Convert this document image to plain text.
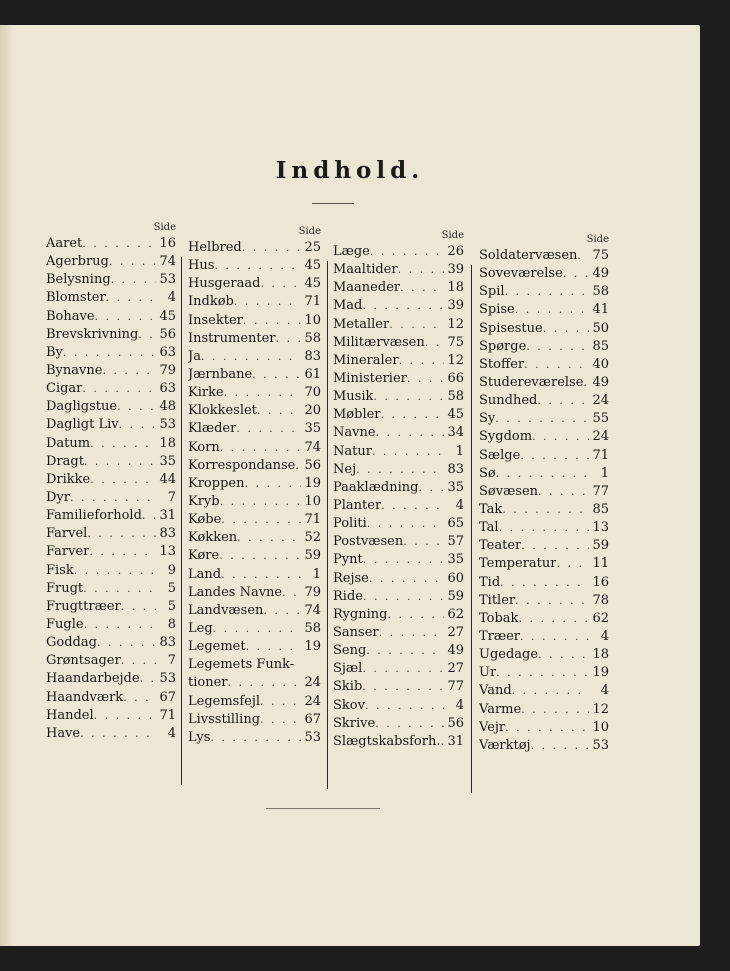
Indhold.
Side
Aaret . . .	16
Agerbrug . . .	74
Belysning . . .	53
Blomster . . .	4
Bohave . . .	45
Brevskrivning . . . 56
By . . .	63
Bynavne . . .	79
Cigar . . .	63
Dagligstue . . .	48
Dagligt Liv . . .	53
Datum . . .	18
Dragt . . .	35
Drikke . . .	44
Dyr . . .	7
Familieforhold . . . 31
Farvel . . .	83
Farver . . .	13
Fisk . . .	9
Frugt . . .	5
Frugttræer . . .	5
Fugle . . .	8
Goddag . . .	83
Grøntsager . . .	7
Haandarbejde . . . 53
Haandværk . . .	67
Handel . . .	71
Have . . .	4
Side
Helbred . . .	25
Hus . . .	45
Husgeraad . . .	45
Indkøb . . .	71
Insekter . . .	10
Instrumenter . . . 58
Ja . . .	83
Jærnbane . . .	61
Kirke . . .	70
Klokkeslet . . .	20
Klæder . . .	35
Korn . . .	74
Korrespondanse . . . 56
Kroppen . . .	19
Kryb . . .	10
Købe . . .	71
Køkken . . .	52
Køre . . .	59
Land . . .	1
Landes Navne . . . 79
Landvæsen . . .	74
Leg . . .	58
Legemet . . .	19
Legemets Funk-
tioner . . .	24
Legemsfejl . . .	24
Livsstilling . . .	67
Lys . . .	53
Side
Læge . . .	26
Maaltider . . .	39
Maaneder . . .	18
Mad . . .	39
Metaller . . .	12
Militærvæsen . . . 75
Mineraler . . .	12
Ministerier . . .	66
Musik . . .	58
Møbler . . .	45
Navne . . .	34
Natur . . .	1
Nej . . .	83
Paaklædning . . . 35
Planter . . .	4
Politi . . .	65
Postvæsen . . .	57
Pynt . . .	35
Rejse . . .	60
Ride . . .	59
Rygning . . .	62
Sanser . . .	27
Seng . . .	49
Sjæl . . .	27
Skib . . .	77
Skov . . .	4
Skrive . . .	56
Slægtskabsforh. . . . 31
Side
Soldatervæsen . . . 75
Soveværelse . . . 49
Spil . . .	58
Spise . . .	41
Spisestue . . .	50
Spørge . . .	85
Stoffer . . .	40
Studereværelse . . . 49
Sundhed . . .	24
Sy . . .	55
Sygdom . . .	24
Sælge . . .	71
Sø . . .	1
Søvæsen . . .	77
Tak . . .	85
Tal . . .	13
Teater . . .	59
Temperatur . . .	11
Tid . . .	16
Titler . . .	78
Tobak . . .	62
Træer . . .	4
Ugedage . . .	18
Ur . . .	19
Vand . . .	4
Varme . . .	12
Vejr . . .	10
Værktøj . . .	53
